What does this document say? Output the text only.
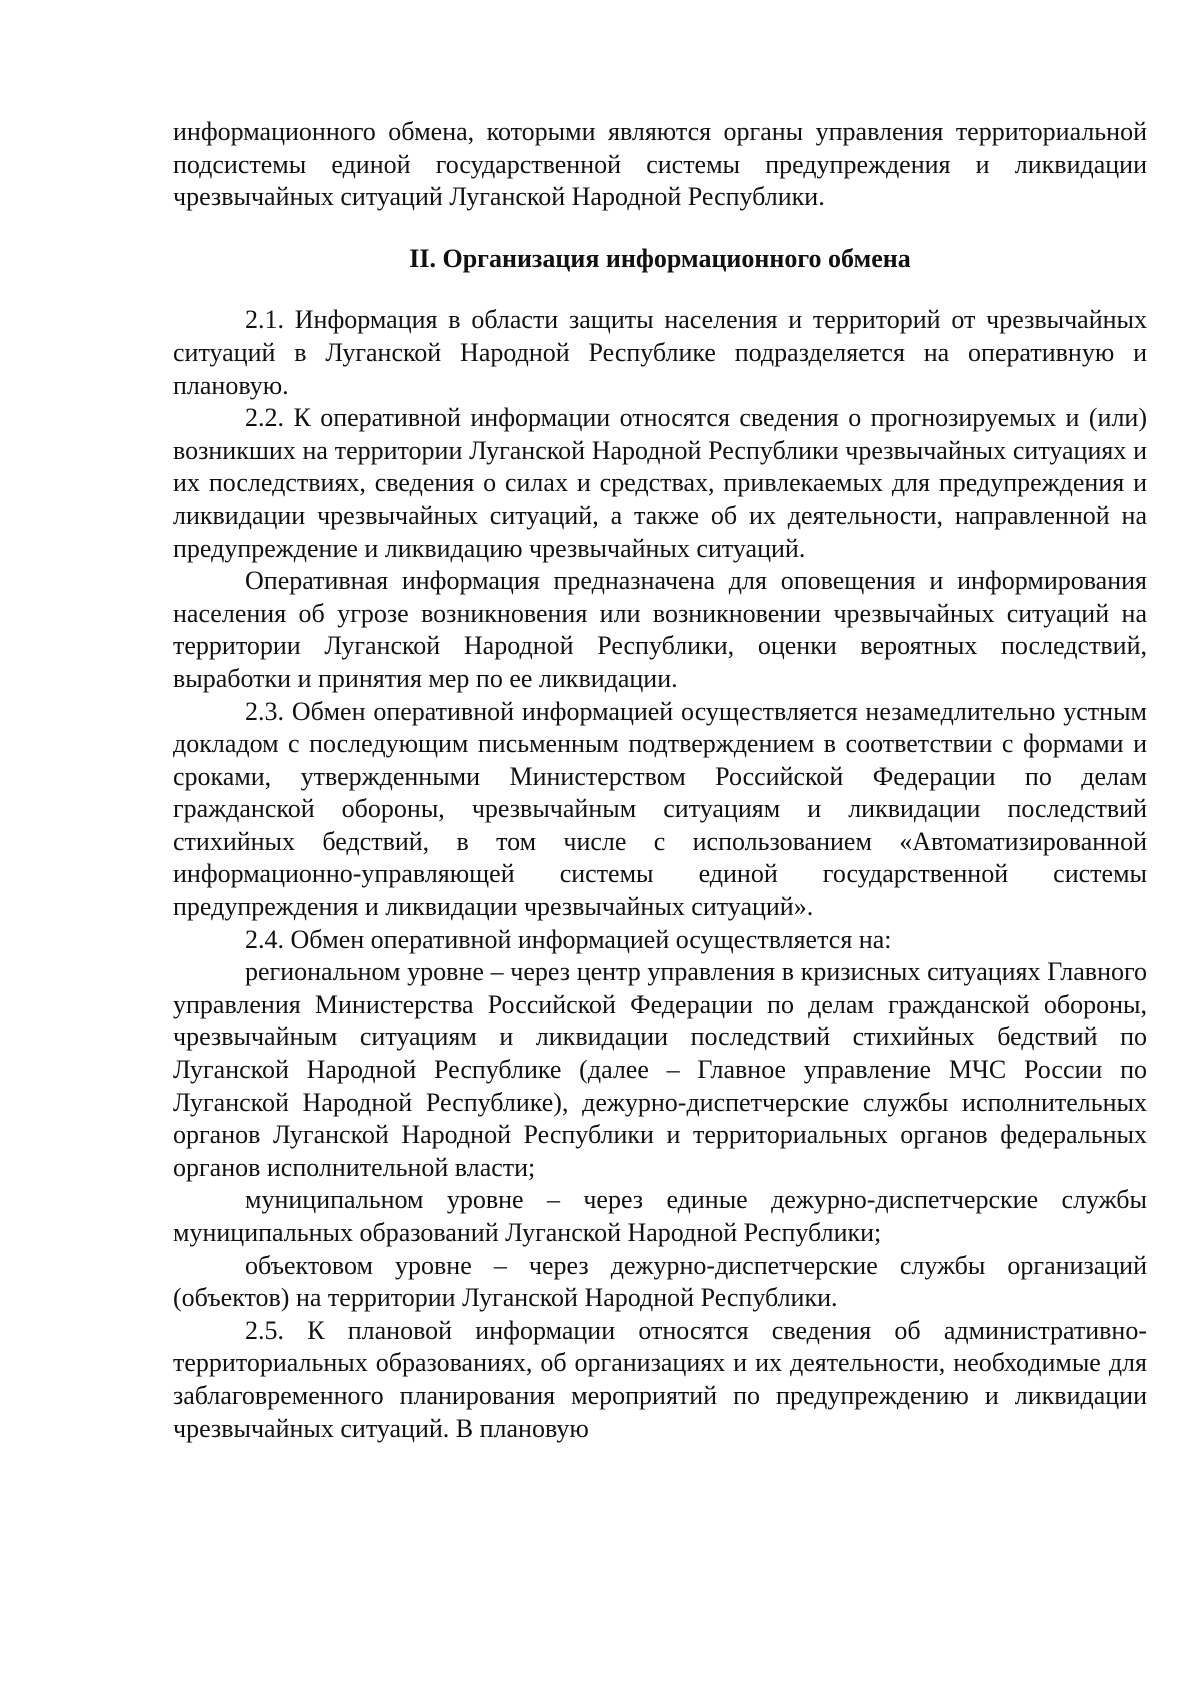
информационного обмена, которыми являются органы управления территориальной подсистемы единой государственной системы предупреждения и ликвидации чрезвычайных ситуаций Луганской Народной Республики.

II. Организация информационного обмена

2.1. Информация в области защиты населения и территорий от чрезвычайных ситуаций в Луганской Народной Республике подразделяется на оперативную и плановую.

2.2. К оперативной информации относятся сведения о прогнозируемых и (или) возникших на территории Луганской Народной Республики чрезвычайных ситуациях и их последствиях, сведения о силах и средствах, привлекаемых для предупреждения и ликвидации чрезвычайных ситуаций, а также об их деятельности, направленной на предупреждение и ликвидацию чрезвычайных ситуаций.

Оперативная информация предназначена для оповещения и информирования населения об угрозе возникновения или возникновении чрезвычайных ситуаций на территории Луганской Народной Республики, оценки вероятных последствий, выработки и принятия мер по ее ликвидации.

2.3. Обмен оперативной информацией осуществляется незамедлительно устным докладом с последующим письменным подтверждением в соответствии с формами и сроками, утвержденными Министерством Российской Федерации по делам гражданской обороны, чрезвычайным ситуациям и ликвидации последствий стихийных бедствий, в том числе с использованием «Автоматизированной информационно-управляющей системы единой государственной системы предупреждения и ликвидации чрезвычайных ситуаций».

2.4. Обмен оперативной информацией осуществляется на:

региональном уровне – через центр управления в кризисных ситуациях Главного управления Министерства Российской Федерации по делам гражданской обороны, чрезвычайным ситуациям и ликвидации последствий стихийных бедствий по Луганской Народной Республике (далее – Главное управление МЧС России по Луганской Народной Республике), дежурно-диспетчерские службы исполнительных органов Луганской Народной Республики и территориальных органов федеральных органов исполнительной власти;

муниципальном уровне – через единые дежурно-диспетчерские службы муниципальных образований Луганской Народной Республики;

объектовом уровне – через дежурно-диспетчерские службы организаций (объектов) на территории Луганской Народной Республики.

2.5. К плановой информации относятся сведения об административно-территориальных образованиях, об организациях и их деятельности, необходимые для заблаговременного планирования мероприятий по предупреждению и ликвидации чрезвычайных ситуаций. В плановую
